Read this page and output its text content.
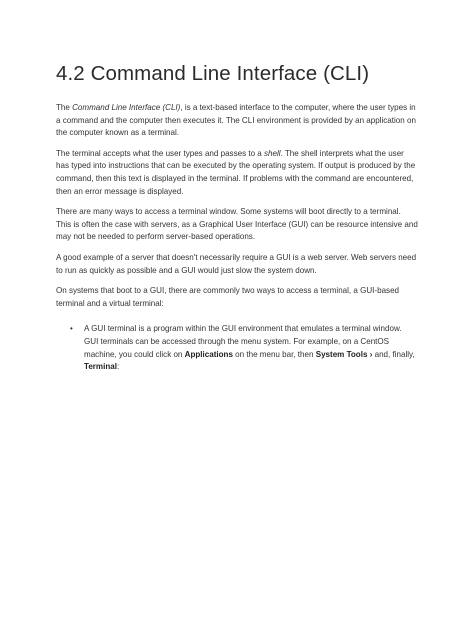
4.2 Command Line Interface (CLI)

The Command Line Interface (CLI), is a text-based interface to the computer, where the user types in a command and the computer then executes it. The CLI environment is provided by an application on the computer known as a terminal.

The terminal accepts what the user types and passes to a shell. The shell interprets what the user has typed into instructions that can be executed by the operating system. If output is produced by the command, then this text is displayed in the terminal. If problems with the command are encountered, then an error message is displayed.

There are many ways to access a terminal window. Some systems will boot directly to a terminal. This is often the case with servers, as a Graphical User Interface (GUI) can be resource intensive and may not be needed to perform server-based operations.

A good example of a server that doesn't necessarily require a GUI is a web server. Web servers need to run as quickly as possible and a GUI would just slow the system down.

On systems that boot to a GUI, there are commonly two ways to access a terminal, a GUI-based terminal and a virtual terminal:

• A GUI terminal is a program within the GUI environment that emulates a terminal window. GUI terminals can be accessed through the menu system. For example, on a CentOS machine, you could click on Applications on the menu bar, then System Tools › and, finally, Terminal:
